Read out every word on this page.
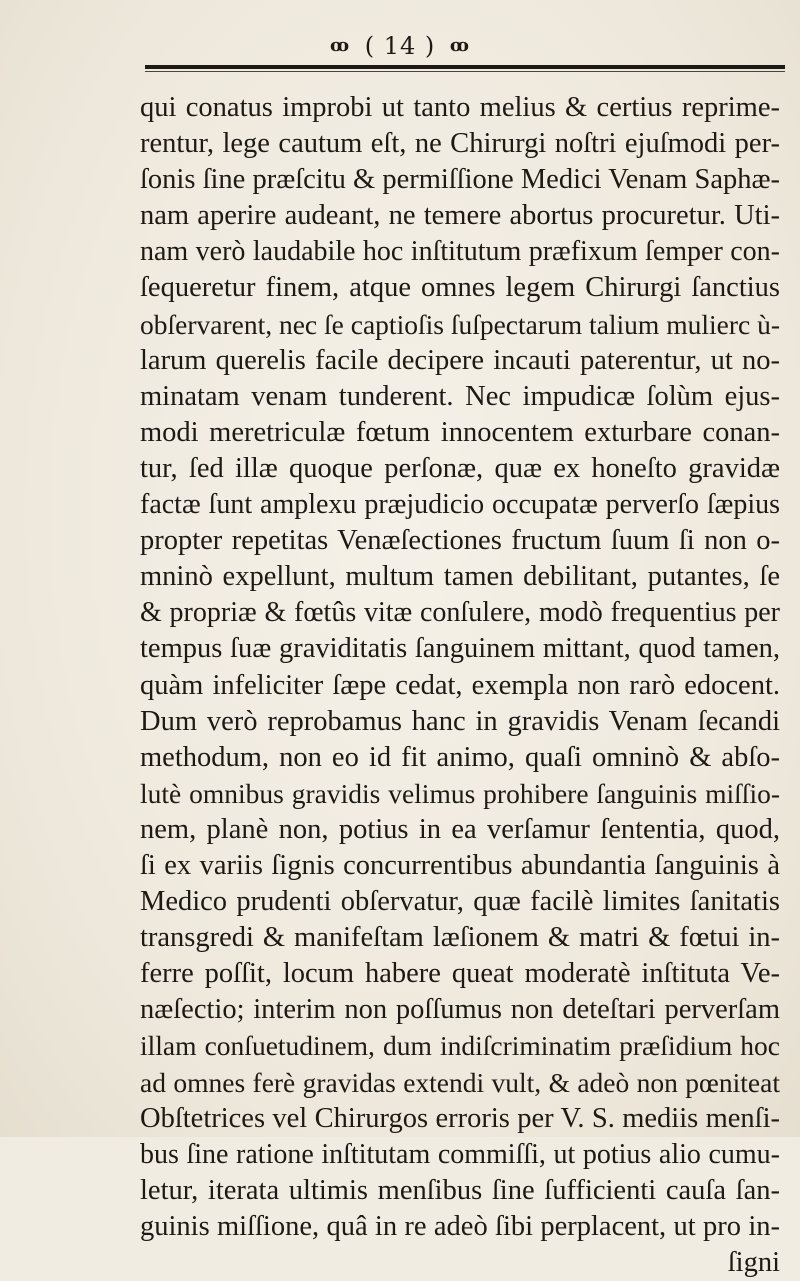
ꝏ ( 14 ) ꝏ
qui conatus improbi ut tanto melius & certius reprime-
rentur, lege cautum eſt, ne Chirurgi noſtri ejuſmodi per-
ſonis ſine præſcitu & permiſſione Medici Venam Saphæ-
nam aperire audeant, ne temere abortus procuretur. Uti-
nam verò laudabile hoc inſtitutum præfixum ſemper con-
ſequeretur finem, atque omnes legem Chirurgi ſanctius
obſervarent, nec ſe captioſis ſuſpectarum talium mulierc ù-
larum querelis facile decipere incauti paterentur, ut no-
minatam venam tunderent. Nec impudicæ ſolùm ejus-
modi meretriculæ fœtum innocentem exturbare conan-
tur, ſed illæ quoque perſonæ, quæ ex honeſto gravidæ
factæ ſunt amplexu præjudicio occupatæ perverſo ſæpius
propter repetitas Venæſectiones fructum ſuum ſi non o-
mninò expellunt, multum tamen debilitant, putantes, ſe
& propriæ & fœtûs vitæ conſulere, modò frequentius per
tempus ſuæ graviditatis ſanguinem mittant, quod tamen,
quàm infeliciter ſæpe cedat, exempla non rarò edocent.
Dum verò reprobamus hanc in gravidis Venam ſecandi
methodum, non eo id fit animo, quaſi omninò & abſo-
lutè omnibus gravidis velimus prohibere ſanguinis miſſio-
nem, planè non, potius in ea verſamur ſententia, quod,
ſi ex variis ſignis concurrentibus abundantia ſanguinis à
Medico prudenti obſervatur, quæ facilè limites ſanitatis
transgredi & manifeſtam læſionem & matri & fœtui in-
ferre poſſit, locum habere queat moderatè inſtituta Ve-
næſectio; interim non poſſumus non deteſtari perverſam
illam conſuetudinem, dum indiſcriminatim præſidium hoc
ad omnes ferè gravidas extendi vult, & adeò non pœniteat
Obſtetrices vel Chirurgos erroris per V. S. mediis menſi-
bus ſine ratione inſtitutam commiſſi, ut potius alio cumu-
letur, iterata ultimis menſibus ſine ſufficienti cauſa ſan-
guinis miſſione, quâ in re adeò ſibi perplacent, ut pro in-
ſigni
